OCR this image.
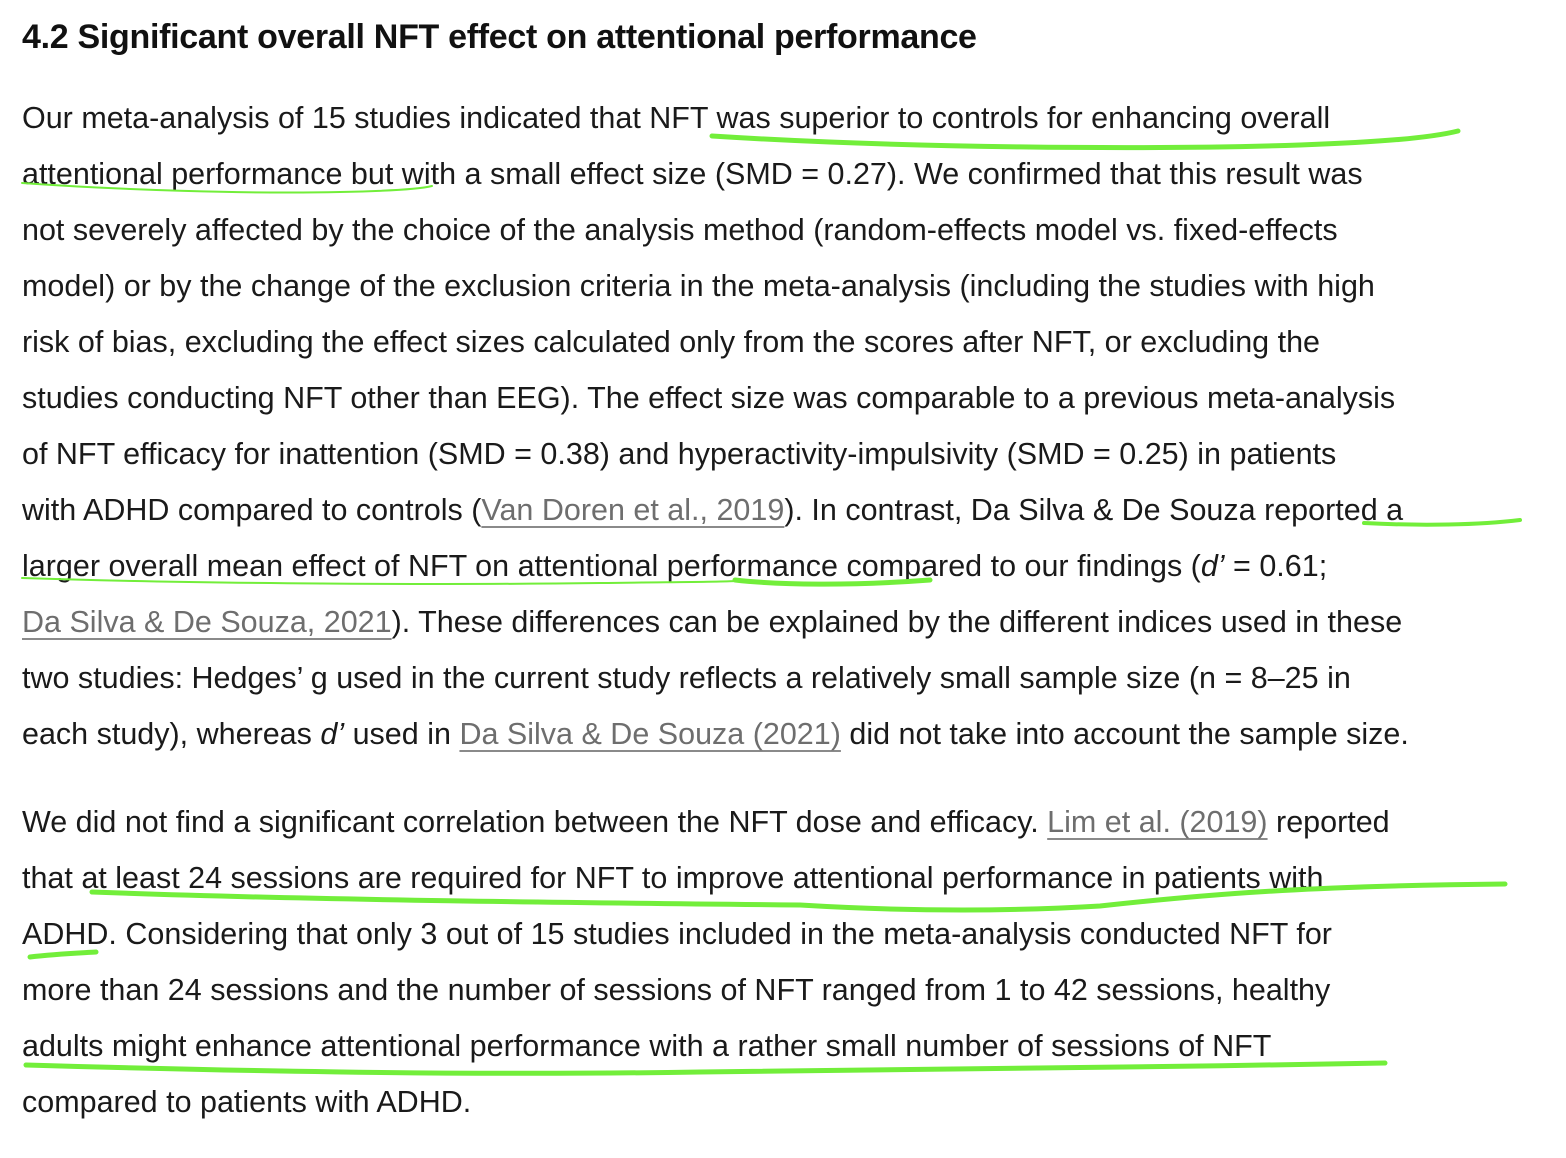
4.2 Significant overall NFT effect on attentional performance
Our meta-analysis of 15 studies indicated that NFT was superior to controls for enhancing overall
attentional performance but with a small effect size (SMD = 0.27). We confirmed that this result was
not severely affected by the choice of the analysis method (random-effects model vs. fixed-effects
model) or by the change of the exclusion criteria in the meta-analysis (including the studies with high
risk of bias, excluding the effect sizes calculated only from the scores after NFT, or excluding the
studies conducting NFT other than EEG). The effect size was comparable to a previous meta-analysis
of NFT efficacy for inattention (SMD = 0.38) and hyperactivity-impulsivity (SMD = 0.25) in patients
with ADHD compared to controls (Van Doren et al., 2019). In contrast, Da Silva & De Souza reported a
larger overall mean effect of NFT on attentional performance compared to our findings (d’ = 0.61;
Da Silva & De Souza, 2021). These differences can be explained by the different indices used in these
two studies: Hedges’ g used in the current study reflects a relatively small sample size (n = 8–25 in
each study), whereas d’ used in Da Silva & De Souza (2021) did not take into account the sample size.
We did not find a significant correlation between the NFT dose and efficacy. Lim et al. (2019) reported
that at least 24 sessions are required for NFT to improve attentional performance in patients with
ADHD. Considering that only 3 out of 15 studies included in the meta-analysis conducted NFT for
more than 24 sessions and the number of sessions of NFT ranged from 1 to 42 sessions, healthy
adults might enhance attentional performance with a rather small number of sessions of NFT
compared to patients with ADHD.
